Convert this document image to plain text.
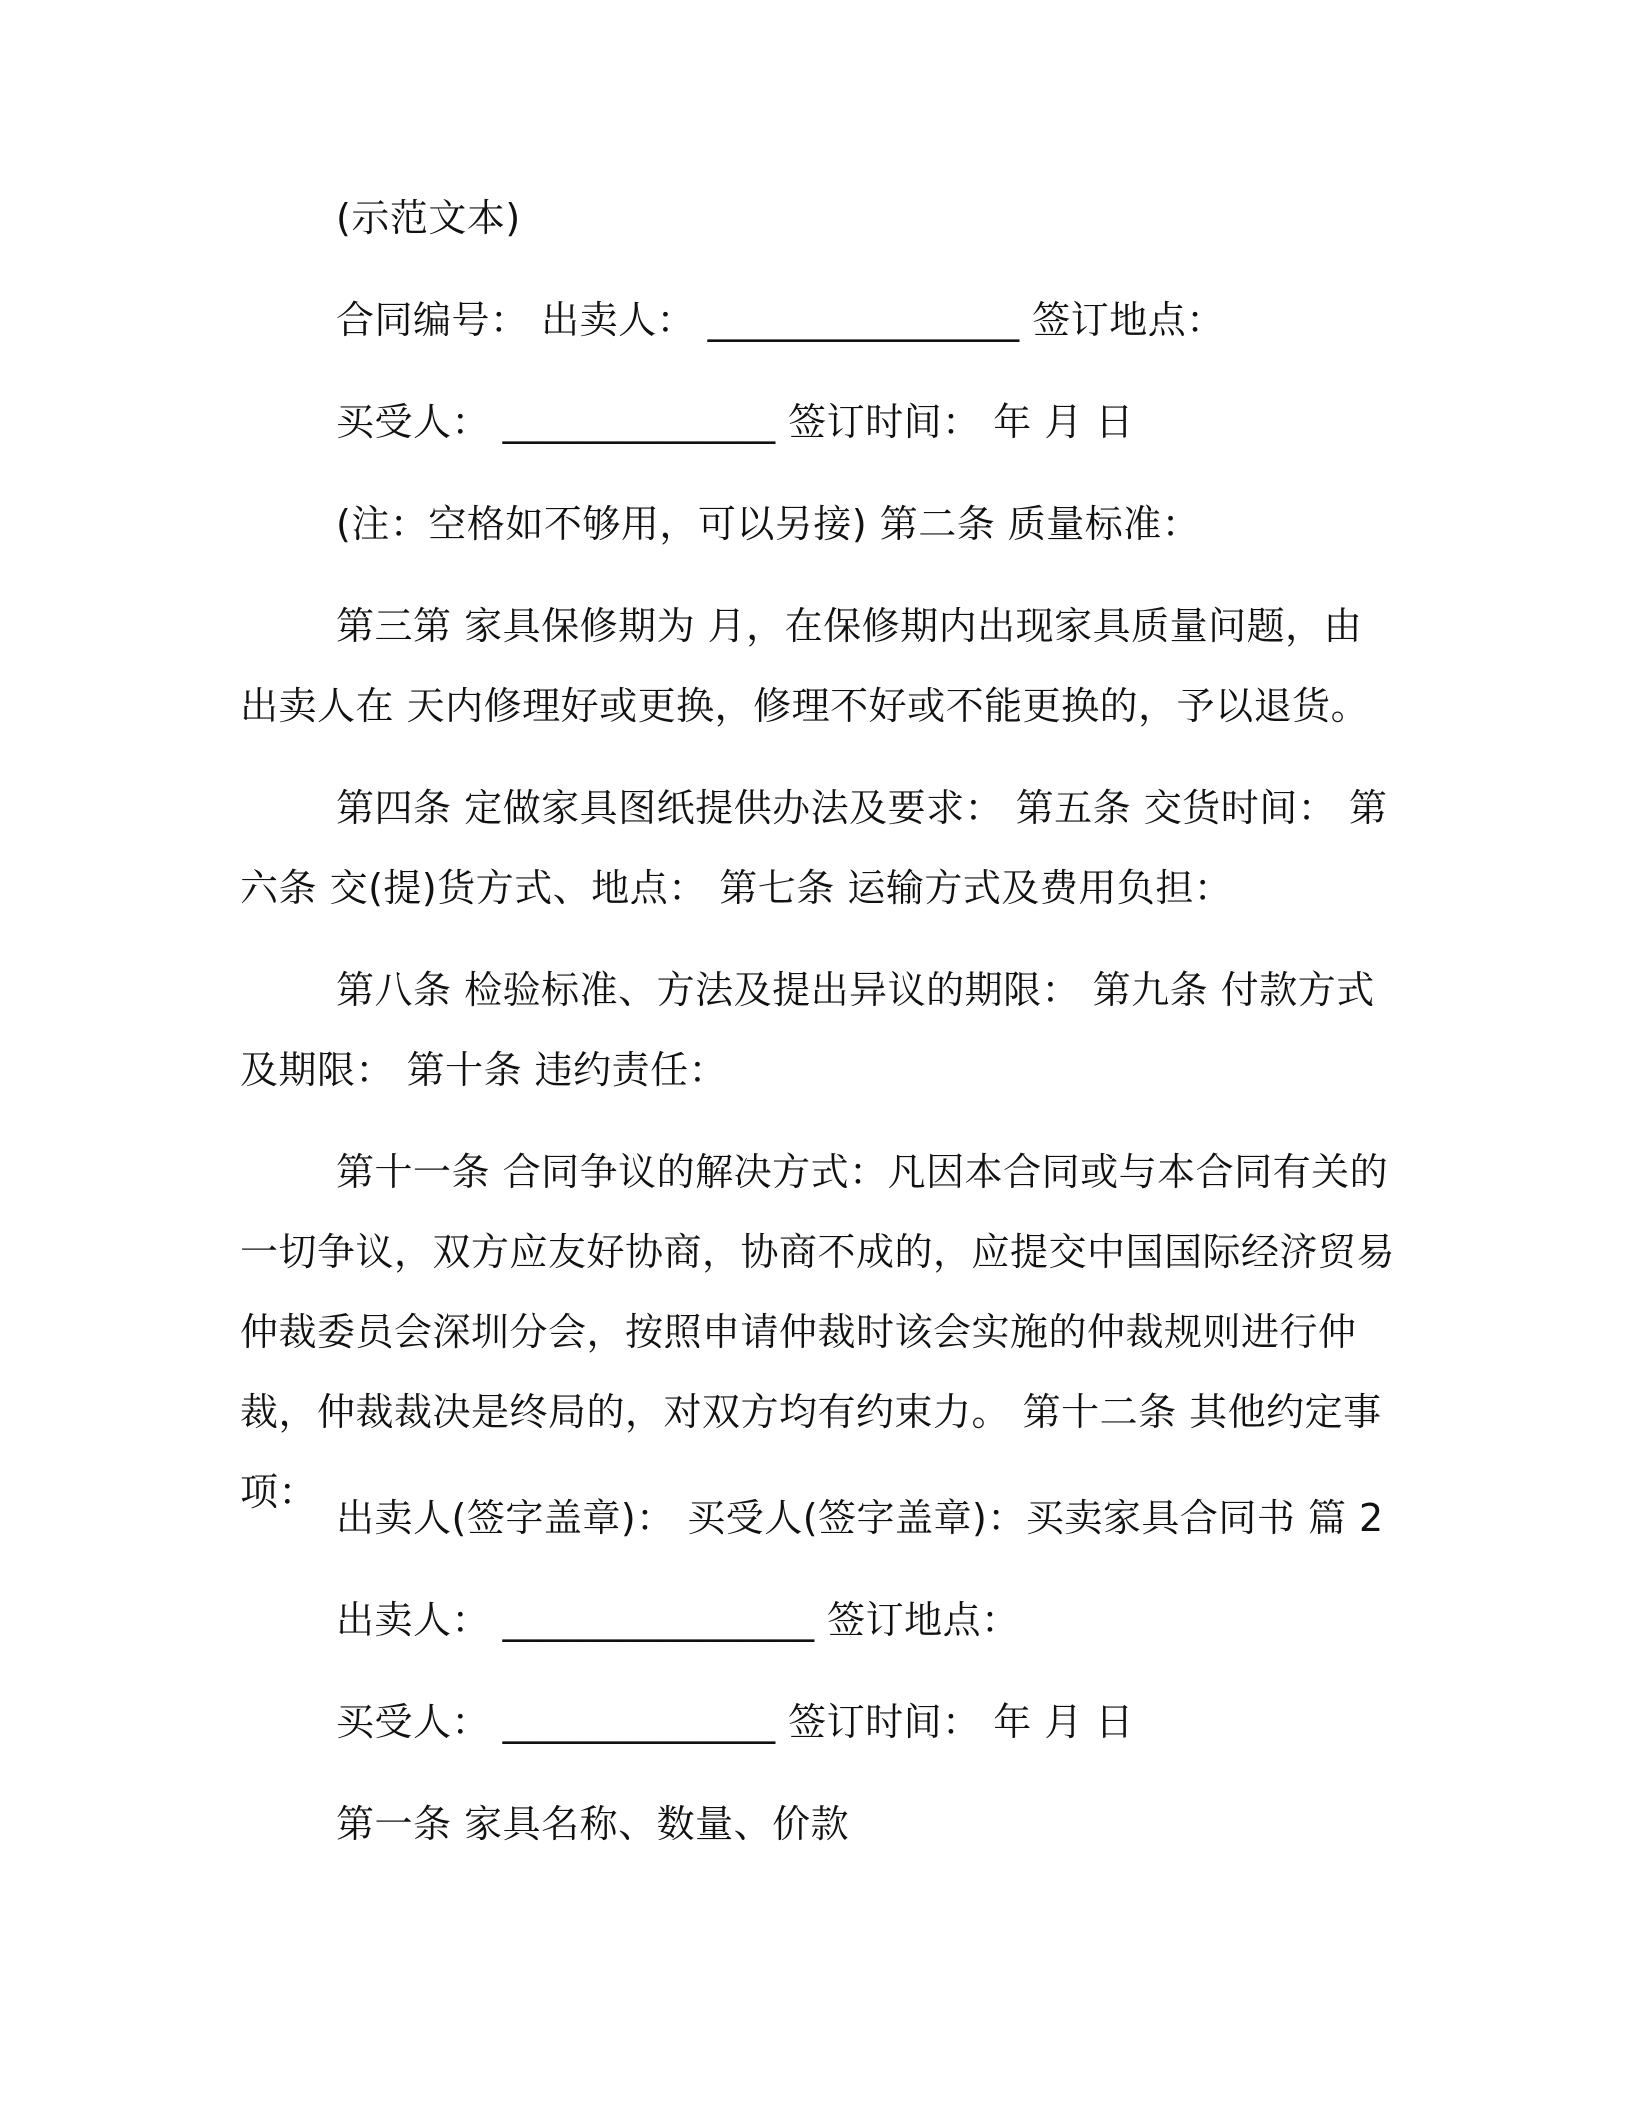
(示范文本)
合同编号： 出卖人： ________________ 签订地点：
买受人： ______________ 签订时间： 年 月 日
(注：空格如不够用，可以另接) 第二条 质量标准：
第三第 家具保修期为 月，在保修期内出现家具质量问题，由出卖人在 天内修理好或更换，修理不好或不能更换的，予以退货。
第四条 定做家具图纸提供办法及要求： 第五条 交货时间： 第六条 交(提)货方式、地点： 第七条 运输方式及费用负担：
第八条 检验标准、方法及提出异议的期限： 第九条 付款方式及期限： 第十条 违约责任：
第十一条 合同争议的解决方式：凡因本合同或与本合同有关的一切争议，双方应友好协商，协商不成的，应提交中国国际经济贸易仲裁委员会深圳分会，按照申请仲裁时该会实施的仲裁规则进行仲裁，仲裁裁决是终局的，对双方均有约束力。 第十二条 其他约定事项：
出卖人(签字盖章)： 买受人(签字盖章)：买卖家具合同书 篇 2
出卖人： ________________ 签订地点：
买受人： ______________ 签订时间： 年 月 日
第一条 家具名称、数量、价款
